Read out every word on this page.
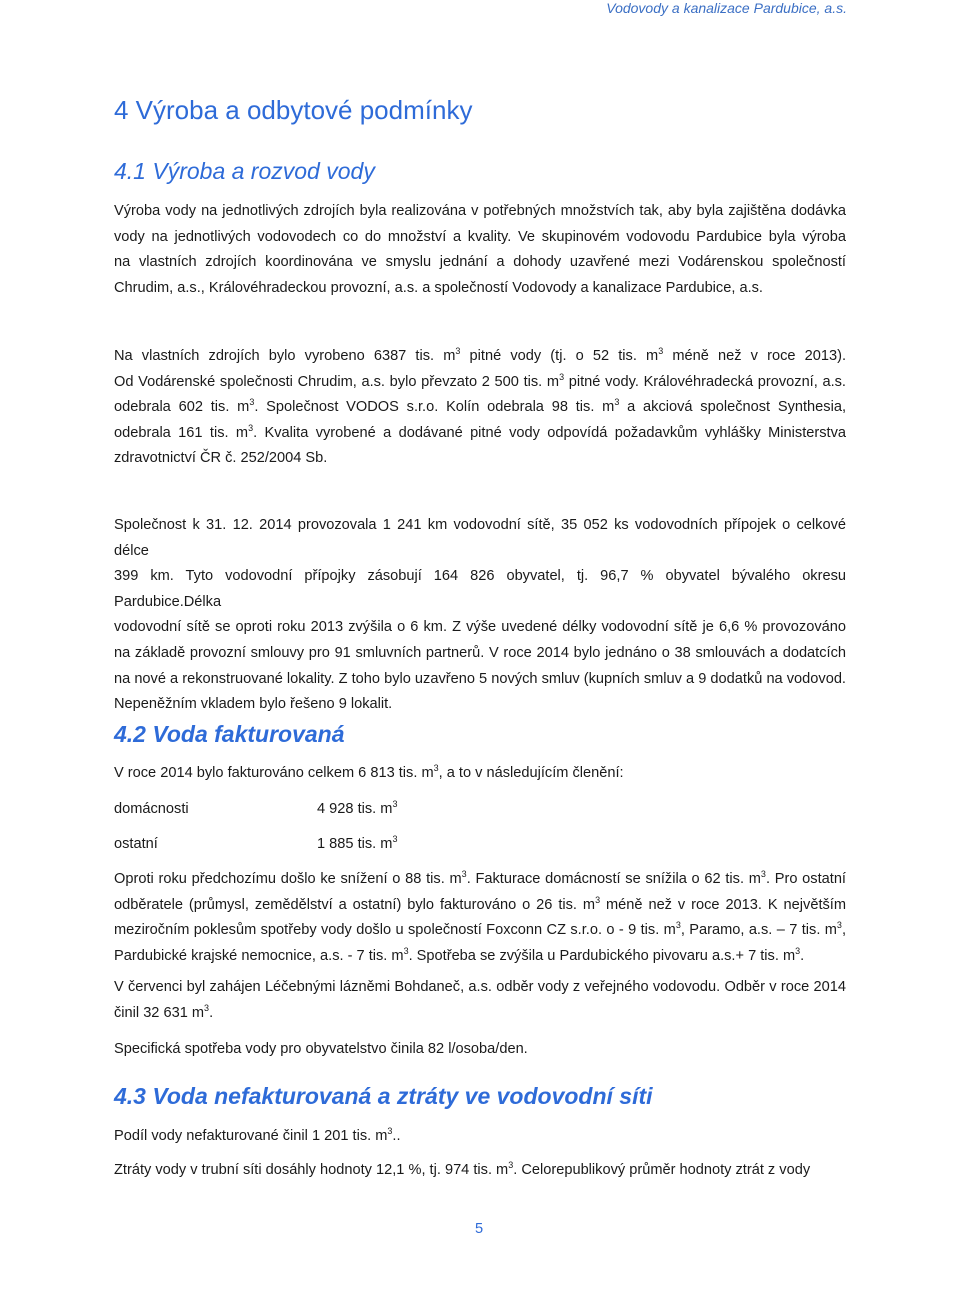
Vodovody a kanalizace Pardubice, a.s.
4 Výroba a odbytové podmínky
4.1 Výroba a rozvod vody
Výroba vody na jednotlivých zdrojích byla realizována v potřebných množstvích tak, aby byla zajištěna dodávka
vody na jednotlivých vodovodech co do množství a kvality. Ve skupinovém vodovodu Pardubice byla výroba
na vlastních zdrojích koordinována ve smyslu jednání a dohody uzavřené mezi Vodárenskou společností
Chrudim, a.s., Královéhradeckou provozní, a.s. a společností Vodovody a kanalizace Pardubice, a.s.
Na vlastních zdrojích bylo vyrobeno 6387 tis. $m^3$ pitné vody (tj. o 52 tis. $m^3$ méně než v roce 2013).
Od Vodárenské společnosti Chrudim, a.s. bylo převzato 2 500 tis. $m^3$ pitné vody. Královéhradecká provozní, a.s.
odebrala 602 tis. $m^3$. Společnost VODOS s.r.o. Kolín odebrala 98 tis. $m^3$ a akciová společnost Synthesia,
odebrala 161 tis. $m^3$. Kvalita vyrobené a dodávané pitné vody odpovídá požadavkům vyhlášky Ministerstva
zdravotnictví ČR č. 252/2004 Sb.
Společnost k 31. 12. 2014 provozovala 1 241 km vodovodní sítě, 35 052 ks vodovodních přípojek o celkové délce
399 km. Tyto vodovodní přípojky zásobují 164 826 obyvatel, tj. 96,7 % obyvatel bývalého okresu Pardubice.Délka
vodovodní sítě se oproti roku 2013 zvýšila o 6 km. Z výše uvedené délky vodovodní sítě je 6,6 % provozováno
na základě provozní smlouvy pro 91 smluvních partnerů. V roce 2014 bylo jednáno o 38 smlouvách a dodatcích
na nové a rekonstruované lokality. Z toho bylo uzavřeno 5 nových smluv (kupních smluv a 9 dodatků na vodovod.
Nepeněžním vkladem bylo řešeno 9 lokalit.
4.2 Voda fakturovaná
V roce 2014 bylo fakturováno celkem 6 813 tis. $m^3$, a to v následujícím členění:
domácnosti	4 928 tis. $m^3$
ostatní	1 885 tis. $m^3$
Oproti roku předchozímu došlo ke snížení o 88 tis. $m^3$. Fakturace domácností se snížila o 62 tis. $m^3$. Pro ostatní
odběratele (průmysl, zemědělství a ostatní) bylo fakturováno o 26 tis. $m^3$ méně než v roce 2013. K největším
meziročním poklesům spotřeby vody došlo u společností Foxconn CZ s.r.o. o - 9 tis. $m^3$, Paramo, a.s. – 7 tis. $m^3$,
Pardubické krajské nemocnice, a.s. - 7 tis. $m^3$. Spotřeba se zvýšila u Pardubického pivovaru a.s.+ 7 tis. $m^3$.
V červenci byl zahájen Léčebnými lázněmi Bohdaneč, a.s. odběr vody z veřejného vodovodu. Odběr v roce 2014
činil 32 631 $m^3$.
Specifická spotřeba vody pro obyvatelstvo činila 82 l/osoba/den.
4.3 Voda nefakturovaná a ztráty ve vodovodní síti
Podíl vody nefakturované činil 1 201 tis. $m^3$..
Ztráty vody v trubní síti dosáhly hodnoty 12,1 %, tj. 974 tis. $m^3$. Celorepublikový průměr hodnoty ztrát z vody
5
